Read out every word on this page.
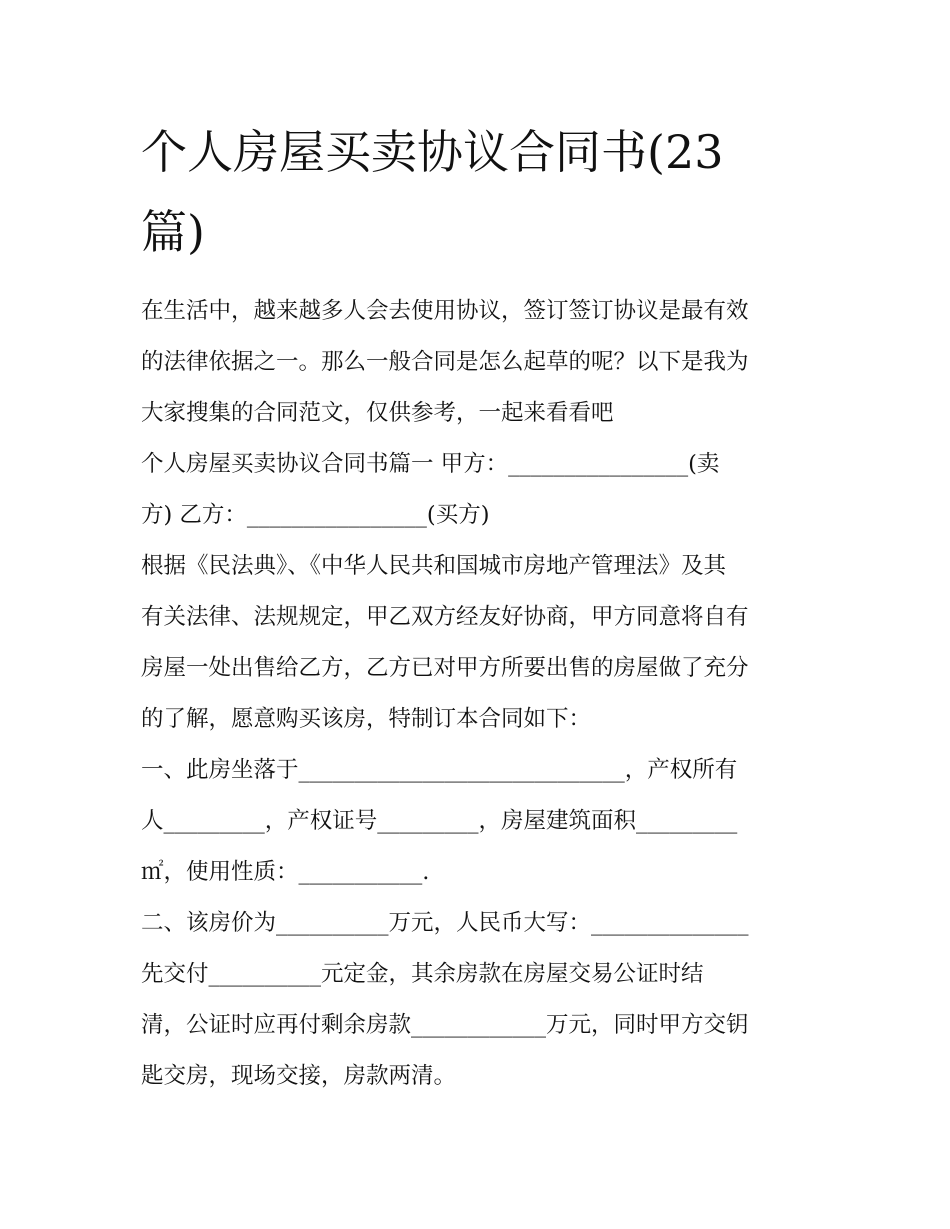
个人房屋买卖协议合同书(23
篇)

在生活中，越来越多人会去使用协议，签订签订协议是最有效

的法律依据之一。那么一般合同是怎么起草的呢？以下是我为

大家搜集的合同范文，仅供参考，一起来看看吧

个人房屋买卖协议合同书篇一 甲方：________________(卖

方) 乙方：________________(买方)

根据《民法典》、《中华人民共和国城市房地产管理法》及其

有关法律、法规规定，甲乙双方经友好协商，甲方同意将自有

房屋一处出售给乙方，乙方已对甲方所要出售的房屋做了充分

的了解，愿意购买该房，特制订本合同如下：

一、此房坐落于_____________________________，产权所有

人_________，产权证号_________，房屋建筑面积_________

㎡，使用性质：___________.

二、该房价为__________万元，人民币大写：______________

先交付__________元定金，其余房款在房屋交易公证时结

清，公证时应再付剩余房款____________万元，同时甲方交钥

匙交房，现场交接，房款两清。
